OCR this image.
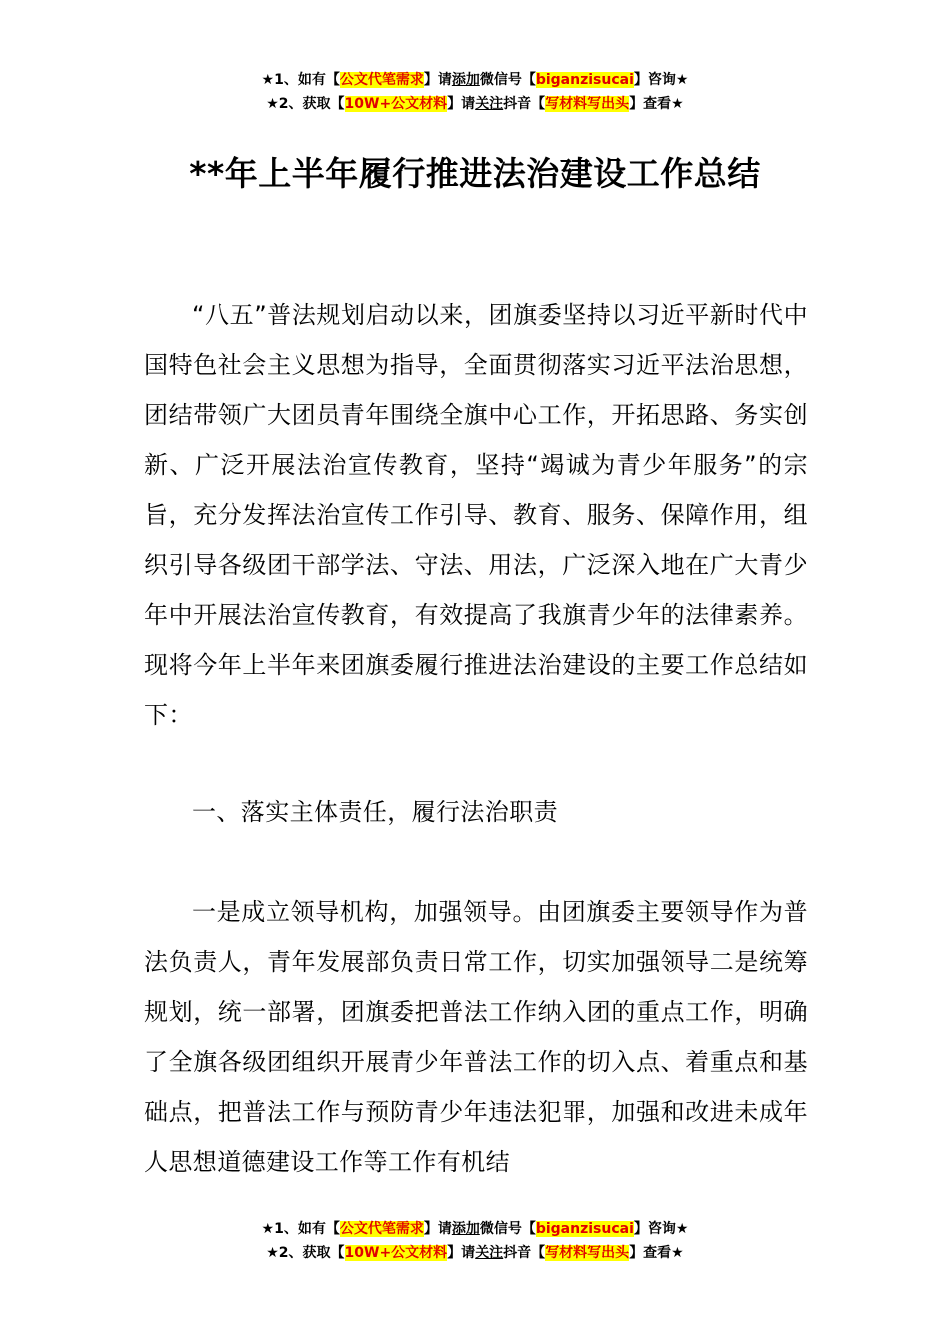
★1、如有【公文代笔需求】请添加微信号【biganzisucai】咨询★
★2、获取【10W+公文材料】请关注抖音【写材料写出头】查看★
**年上半年履行推进法治建设工作总结

“八五”普法规划启动以来，团旗委坚持以习近平新时代中国特色社会主义思想为指导，全面贯彻落实习近平法治思想，团结带领广大团员青年围绕全旗中心工作，开拓思路、务实创新、广泛开展法治宣传教育，坚持“竭诚为青少年服务”的宗旨，充分发挥法治宣传工作引导、教育、服务、保障作用，组织引导各级团干部学法、守法、用法，广泛深入地在广大青少年中开展法治宣传教育，有效提高了我旗青少年的法律素养。现将今年上半年来团旗委履行推进法治建设的主要工作总结如下：

一、落实主体责任，履行法治职责

一是成立领导机构，加强领导。由团旗委主要领导作为普法负责人，青年发展部负责日常工作，切实加强领导二是统筹规划，统一部署，团旗委把普法工作纳入团的重点工作，明确了全旗各级团组织开展青少年普法工作的切入点、着重点和基础点，把普法工作与预防青少年违法犯罪，加强和改进未成年人思想道德建设工作等工作有机结

★1、如有【公文代笔需求】请添加微信号【biganzisucai】咨询★
★2、获取【10W+公文材料】请关注抖音【写材料写出头】查看★
